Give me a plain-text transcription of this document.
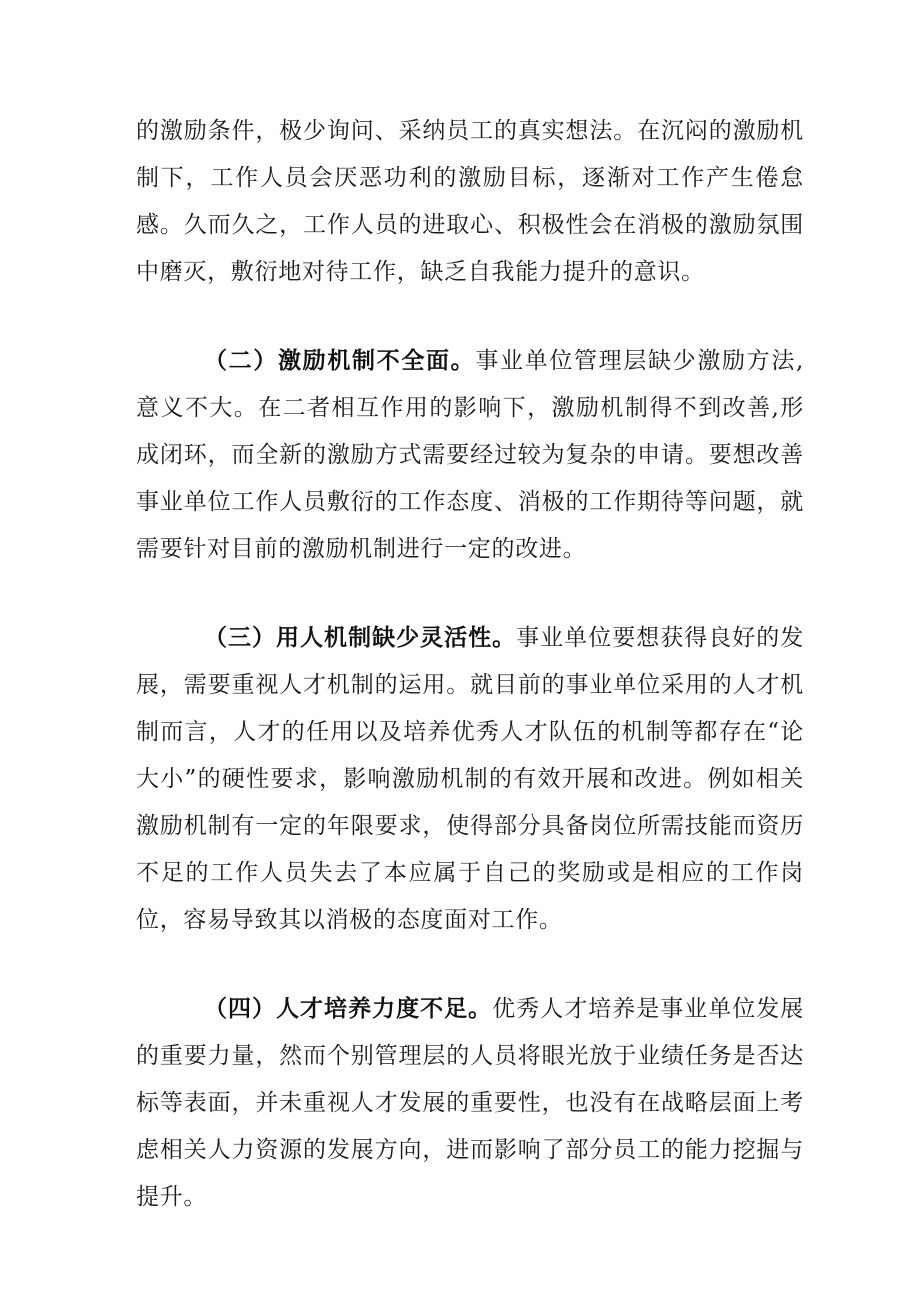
的激励条件，极少询问、采纳员工的真实想法。在沉闷的激励机制下，工作人员会厌恶功利的激励目标，逐渐对工作产生倦怠感。久而久之，工作人员的进取心、积极性会在消极的激励氛围中磨灭，敷衍地对待工作，缺乏自我能力提升的意识。

（二）激励机制不全面。事业单位管理层缺少激励方法,意义不大。在二者相互作用的影响下，激励机制得不到改善,形成闭环，而全新的激励方式需要经过较为复杂的申请。要想改善事业单位工作人员敷衍的工作态度、消极的工作期待等问题，就需要针对目前的激励机制进行一定的改进。

（三）用人机制缺少灵活性。事业单位要想获得良好的发展，需要重视人才机制的运用。就目前的事业单位采用的人才机制而言，人才的任用以及培养优秀人才队伍的机制等都存在“论大小”的硬性要求，影响激励机制的有效开展和改进。例如相关激励机制有一定的年限要求，使得部分具备岗位所需技能而资历不足的工作人员失去了本应属于自己的奖励或是相应的工作岗位，容易导致其以消极的态度面对工作。

（四）人才培养力度不足。优秀人才培养是事业单位发展的重要力量，然而个别管理层的人员将眼光放于业绩任务是否达标等表面，并未重视人才发展的重要性，也没有在战略层面上考虑相关人力资源的发展方向，进而影响了部分员工的能力挖掘与提升。
